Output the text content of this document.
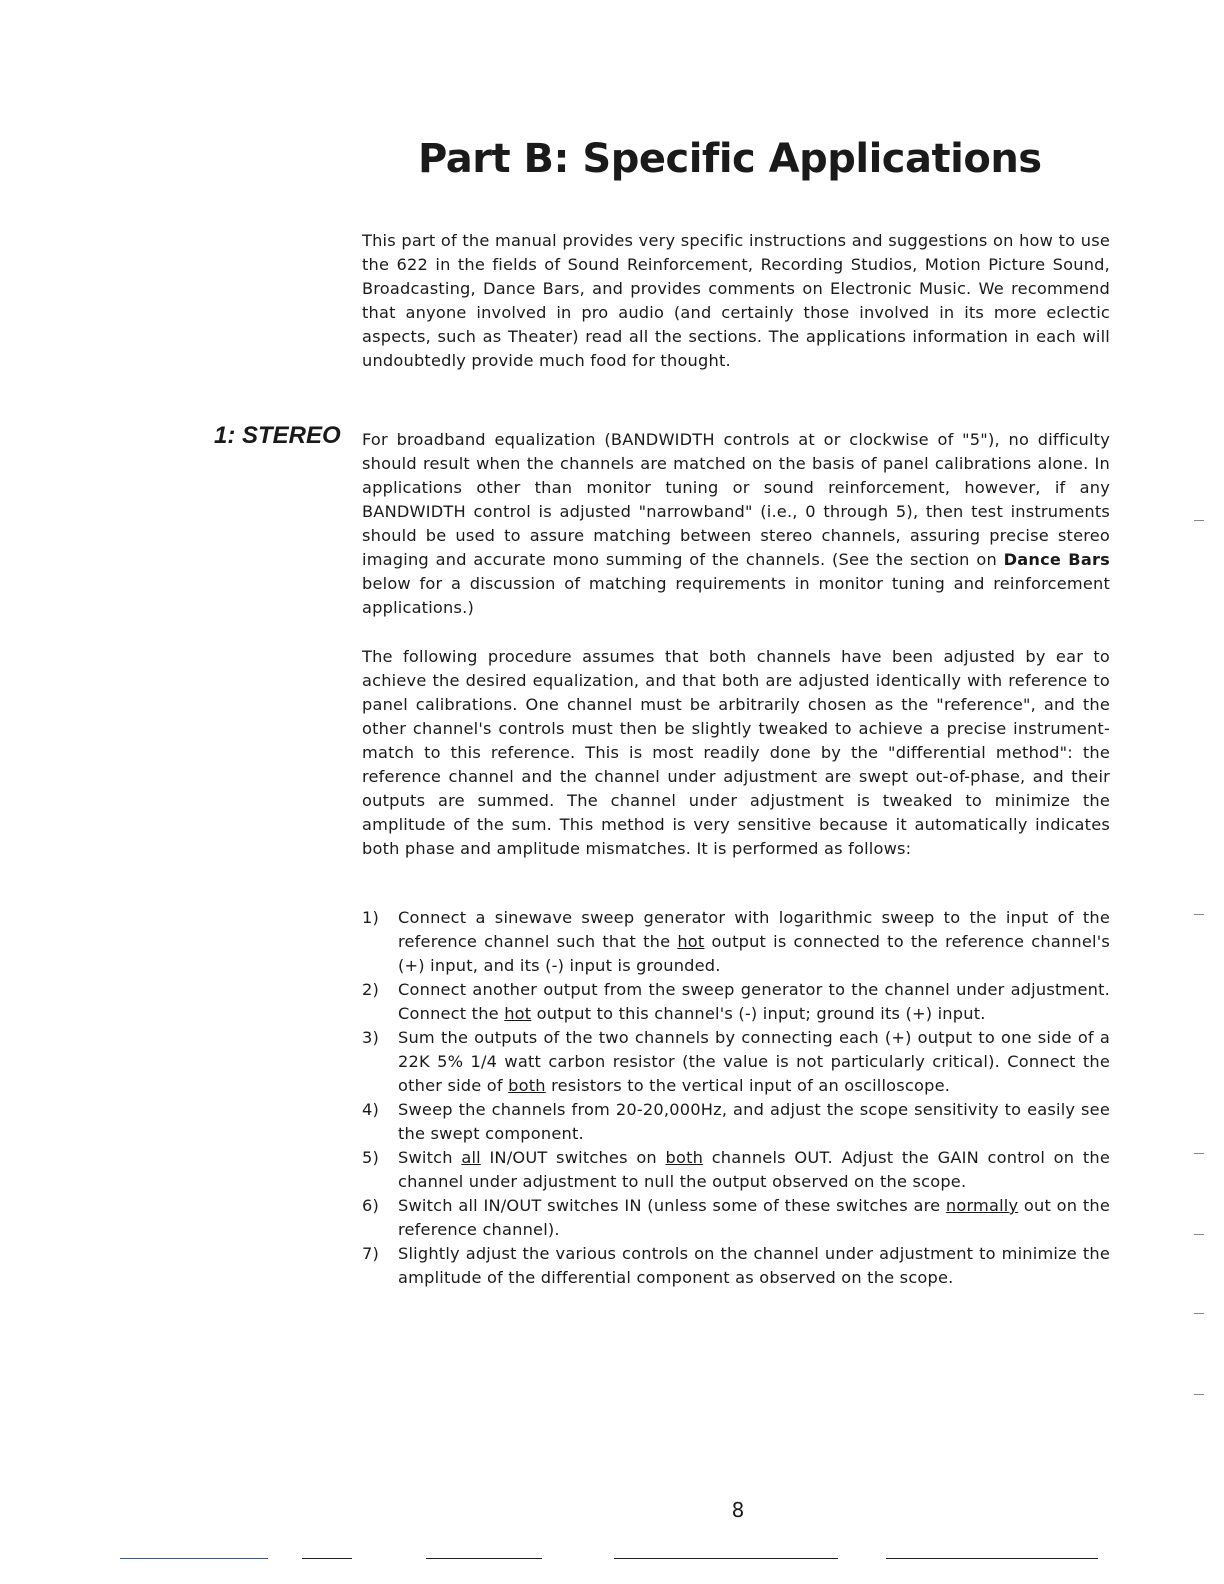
Part B: Specific Applications

This part of the manual provides very specific instructions and suggestions on how to use the 622 in the fields of Sound Reinforcement, Recording Studios, Motion Picture Sound, Broadcasting, Dance Bars, and provides comments on Electronic Music. We recommend that anyone involved in pro audio (and certainly those involved in its more eclectic aspects, such as Theater) read all the sections. The applications information in each will undoubtedly provide much food for thought.

1: STEREO For broadband equalization (BANDWIDTH controls at or clockwise of "5"), no difficulty should result when the channels are matched on the basis of panel calibrations alone. In applications other than monitor tuning or sound reinforcement, however, if any BANDWIDTH control is adjusted "narrowband" (i.e., 0 through 5), then test instruments should be used to assure matching between stereo channels, assuring precise stereo imaging and accurate mono summing of the channels. (See the section on Dance Bars below for a discussion of matching requirements in monitor tuning and reinforcement applications.)

The following procedure assumes that both channels have been adjusted by ear to achieve the desired equalization, and that both are adjusted identically with reference to panel calibrations. One channel must be arbitrarily chosen as the "reference", and the other channel's controls must then be slightly tweaked to achieve a precise instrument-match to this reference. This is most readily done by the "differential method": the reference channel and the channel under adjustment are swept out-of-phase, and their outputs are summed. The channel under adjustment is tweaked to minimize the amplitude of the sum. This method is very sensitive because it automatically indicates both phase and amplitude mismatches. It is performed as follows:

1) Connect a sinewave sweep generator with logarithmic sweep to the input of the reference channel such that the hot output is connected to the reference channel's (+) input, and its (-) input is grounded.
2) Connect another output from the sweep generator to the channel under adjustment. Connect the hot output to this channel's (-) input; ground its (+) input.
3) Sum the outputs of the two channels by connecting each (+) output to one side of a 22K 5% 1/4 watt carbon resistor (the value is not particularly critical). Connect the other side of both resistors to the vertical input of an oscilloscope.
4) Sweep the channels from 20-20,000Hz, and adjust the scope sensitivity to easily see the swept component.
5) Switch all IN/OUT switches on both channels OUT. Adjust the GAIN control on the channel under adjustment to null the output observed on the scope.
6) Switch all IN/OUT switches IN (unless some of these switches are normally out on the reference channel).
7) Slightly adjust the various controls on the channel under adjustment to minimize the amplitude of the differential component as observed on the scope.
8
